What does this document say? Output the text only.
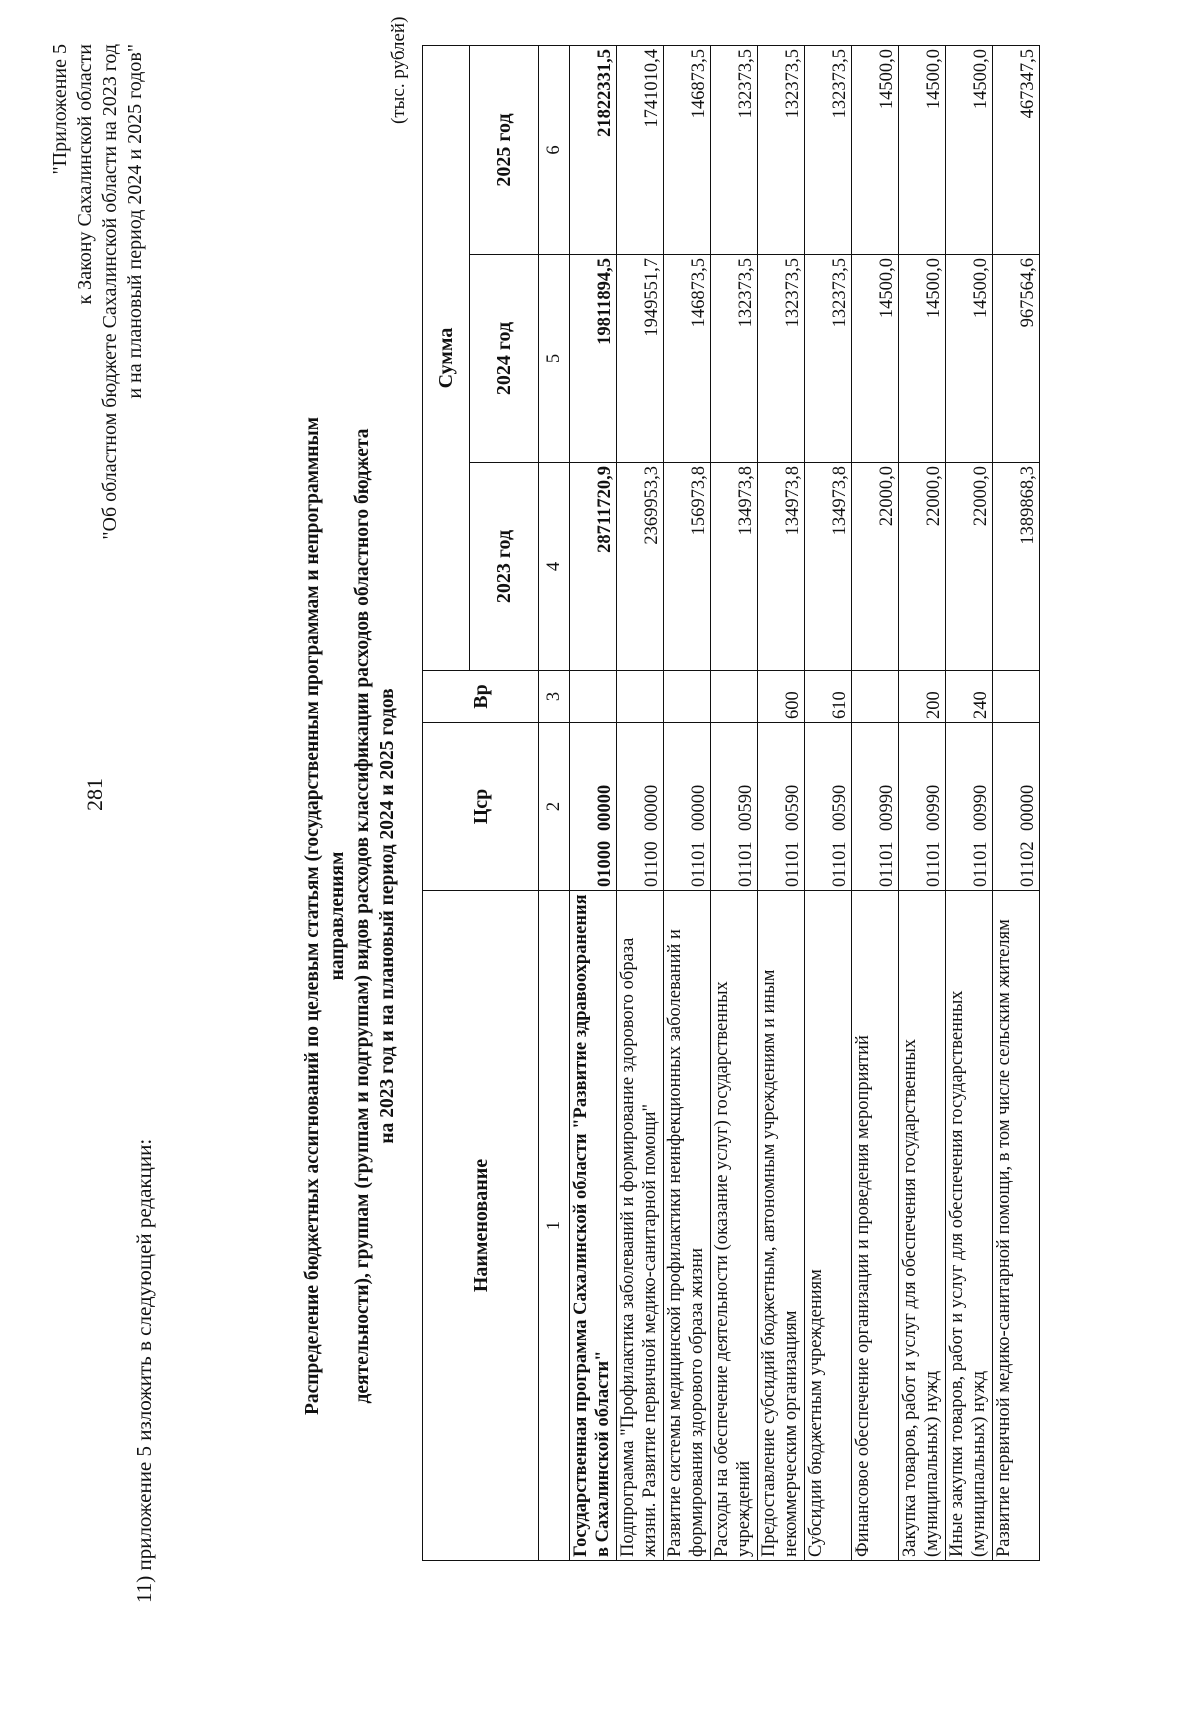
281
"Приложение 5 к Закону Сахалинской области "Об областном бюджете Сахалинской области на 2023 год и на плановый период 2024 и 2025 годов"
11) приложение 5 изложить в следующей редакции:	Распределение бюджетных ассигнований по целевым статьям (государственным программам и непрограммным направлениям деятельности), группам (группам и подгруппам) видов расходов классификации расходов областного бюджета на 2023 год и на плановый период 2024 и 2025 годов
(тыс. рублей)
Наименование	Цср	Вр	Сумма		
			2023 год	2024 год	2025 год
1	2	3	4	5	6
Государственная программа Сахалинской области "Развитие здравоохранения в Сахалинской области"	0100000000		28711720,9	19811894,5	21822331,5
Подпрограмма "Профилактика заболеваний и формирование здорового образа жизни. Развитие первичной медико-санитарной помощи"	0110000000		2369953,3	1949551,7	1741010,4
Развитие системы медицинской профилактики неинфекционных заболеваний и формирования здорового образа жизни	0110100000		156973,8	146873,5	146873,5
Расходы на обеспечение деятельности (оказание услуг) государственных учреждений	0110100590		134973,8	132373,5	132373,5
Предоставление субсидий бюджетным, автономным учреждениям и иным некоммерческим организациям	0110100590	600	134973,8	132373,5	132373,5
Субсидии бюджетным учреждениям	0110100590	610	134973,8	132373,5	132373,5
Финансовое обеспечение организации и проведения мероприятий	0110100990		22000,0	14500,0	14500,0
Закупка товаров, работ и услуг для обеспечения государственных (муниципальных) нужд	0110100990	200	22000,0	14500,0	14500,0
Иные закупки товаров, работ и услуг для обеспечения государственных (муниципальных) нужд	0110100990	240	22000,0	14500,0	14500,0
Развитие первичной медико-санитарной помощи, в том числе сельским жителям	0110200000		1389868,3	967564,6	467347,5
